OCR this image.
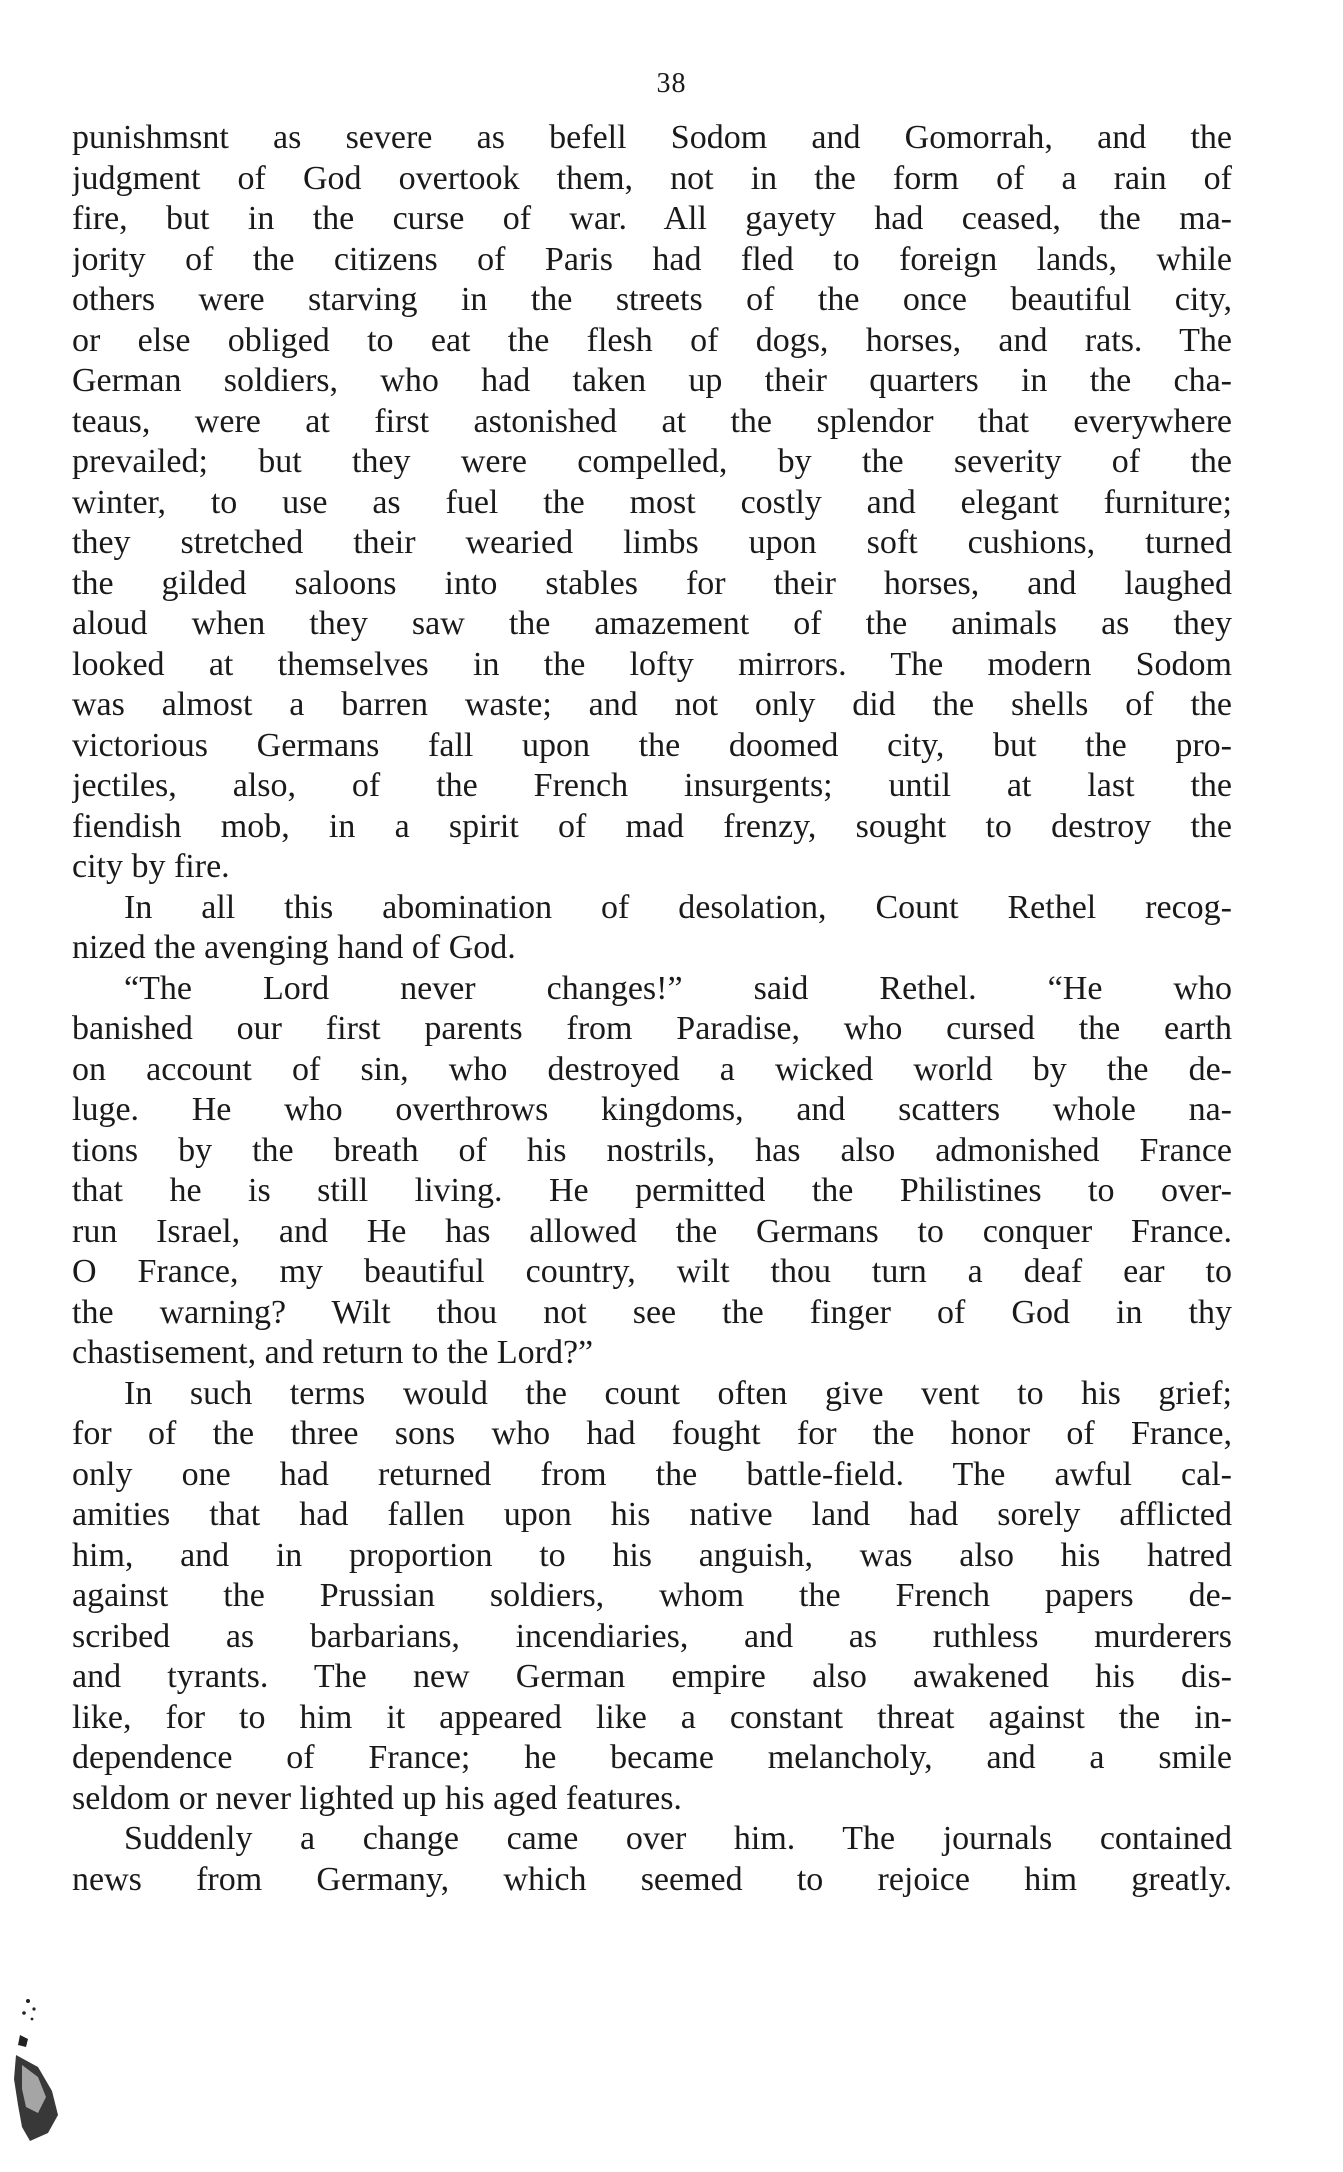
38
punishmsnt as severe as befell Sodom and Gomorrah, and the
judgment of God overtook them, not in the form of a rain of
fire, but in the curse of war. All gayety had ceased, the ma-
jority of the citizens of Paris had fled to foreign lands, while
others were starving in the streets of the once beautiful city,
or else obliged to eat the flesh of dogs, horses, and rats. The
German soldiers, who had taken up their quarters in the cha-
teaus, were at first astonished at the splendor that everywhere
prevailed; but they were compelled, by the severity of the
winter, to use as fuel the most costly and elegant furniture;
they stretched their wearied limbs upon soft cushions, turned
the gilded saloons into stables for their horses, and laughed
aloud when they saw the amazement of the animals as they
looked at themselves in the lofty mirrors. The modern Sodom
was almost a barren waste; and not only did the shells of the
victorious Germans fall upon the doomed city, but the pro-
jectiles, also, of the French insurgents; until at last the
fiendish mob, in a spirit of mad frenzy, sought to destroy the
city by fire.
In all this abomination of desolation, Count Rethel recog-
nized the avenging hand of God.
“The Lord never changes!” said Rethel. “He who
banished our first parents from Paradise, who cursed the earth
on account of sin, who destroyed a wicked world by the de-
luge. He who overthrows kingdoms, and scatters whole na-
tions by the breath of his nostrils, has also admonished France
that he is still living. He permitted the Philistines to over-
run Israel, and He has allowed the Germans to conquer France.
O France, my beautiful country, wilt thou turn a deaf ear to
the warning? Wilt thou not see the finger of God in thy
chastisement, and return to the Lord?”
In such terms would the count often give vent to his grief;
for of the three sons who had fought for the honor of France,
only one had returned from the battle-field. The awful cal-
amities that had fallen upon his native land had sorely afflicted
him, and in proportion to his anguish, was also his hatred
against the Prussian soldiers, whom the French papers de-
scribed as barbarians, incendiaries, and as ruthless murderers
and tyrants. The new German empire also awakened his dis-
like, for to him it appeared like a constant threat against the in-
dependence of France; he became melancholy, and a smile
seldom or never lighted up his aged features.
Suddenly a change came over him. The journals contained
news from Germany, which seemed to rejoice him greatly.
